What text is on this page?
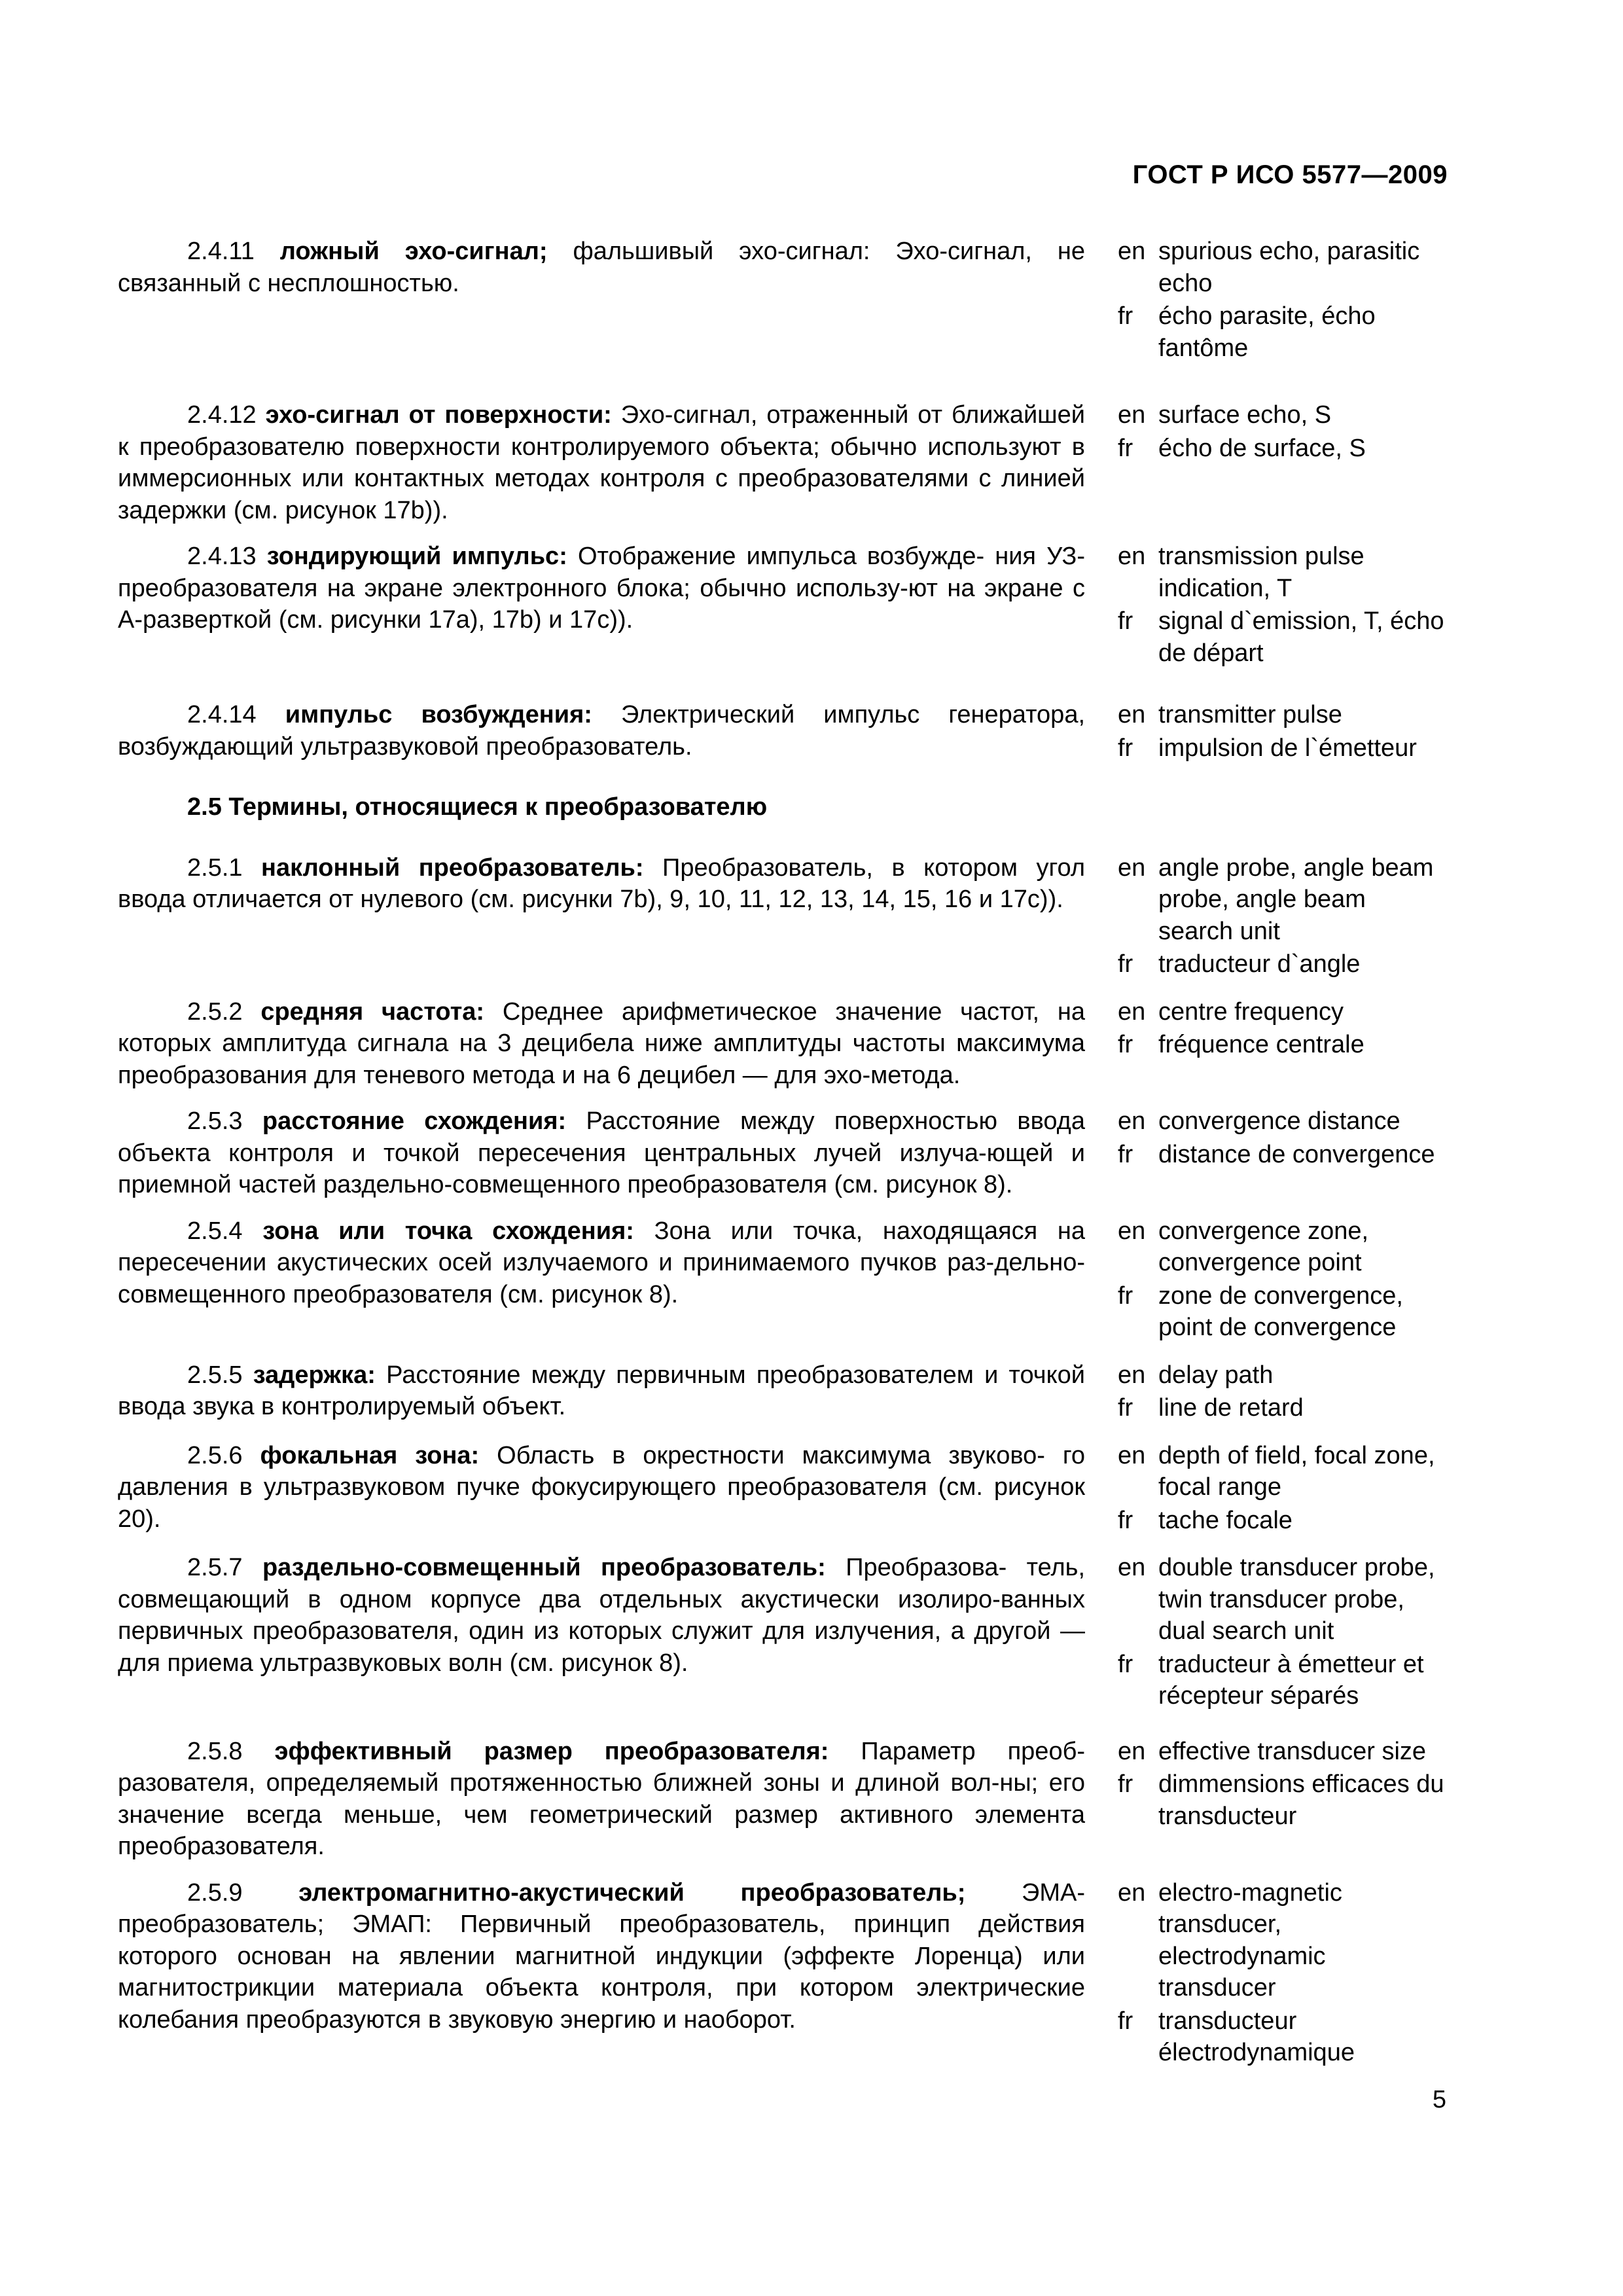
ГОСТ Р ИСО 5577—2009
2.4.11 ложный эхо-сигнал; фальшивый эхо-сигнал: Эхо-сигнал, не связанный с несплошностью.
en spurious echo, parasitic echo
fr	écho parasite, écho fantôme
2.4.12 эхо-сигнал от поверхности: Эхо-сигнал, отраженный от ближайшей к преобразователю поверхности контролируемого объекта; обычно используют в иммерсионных или контактных методах контроля с преобразователями с линией задержки (см. рисунок 17b)).
en surface echo, S
fr	écho de surface, S
2.4.13 зондирующий импульс: Отображение импульса возбужде- ния УЗ-преобразователя на экране электронного блока; обычно использу-ют на экране с А-разверткой (см. рисунки 17a), 17b) и 17c)).
en transmission pulse indication, T
fr	signal d`emission, T, écho de départ
2.4.14 импульс возбуждения: Электрический импульс генератора, возбуждающий ультразвуковой преобразователь.
en transmitter pulse
fr	impulsion de l`émetteur
2.5 Термины, относящиеся к преобразователю
2.5.1 наклонный преобразователь: Преобразователь, в котором угол ввода отличается от нулевого (см. рисунки 7b), 9, 10, 11, 12, 13, 14, 15, 16 и 17c)).
en angle probe, angle beam probe, angle beam search unit
fr	traducteur d`angle
2.5.2 средняя частота: Среднее арифметическое значение частот, на которых амплитуда сигнала на 3 децибела ниже амплитуды частоты максимума преобразования для теневого метода и на 6 децибел — для эхо-метода.
en centre frequency
fr	fréquence centrale
2.5.3 расстояние схождения: Расстояние между поверхностью ввода объекта контроля и точкой пересечения центральных лучей излуча-ющей и приемной частей раздельно-совмещенного преобразователя (см. рисунок 8).
en convergence distance
fr	distance de convergence
2.5.4 зона или точка схождения: Зона или точка, находящаяся на пересечении акустических осей излучаемого и принимаемого пучков раз-дельно-совмещенного преобразователя (см. рисунок 8).
en convergence zone, convergence point
fr	zone de convergence, point de convergence
2.5.5 задержка: Расстояние между первичным преобразователем и точкой ввода звука в контролируемый объект.
en delay path
fr	line de retard
2.5.6 фокальная зона: Область в окрестности максимума звуково- го давления в ультразвуковом пучке фокусирующего преобразователя (см. рисунок 20).
en depth of field, focal zone, focal range
fr	tache focale
2.5.7 раздельно-совмещенный преобразователь: Преобразова- тель, совмещающий в одном корпусе два отдельных акустически изолиро-ванных первичных преобразователя, один из которых служит для излучения, а другой — для приема ультразвуковых волн (см. рисунок 8).
en double transducer probe, twin transducer probe, dual search unit
fr	traducteur à émetteur et récepteur séparés
2.5.8 эффективный размер преобразователя: Параметр преоб- разователя, определяемый протяженностью ближней зоны и длиной вол-ны; его значение всегда меньше, чем геометрический размер активного элемента преобразователя.
en effective transducer size
fr	dimmensions efficaces du transducteur
2.5.9 электромагнитно-акустический преобразователь; ЭМА- преобразователь; ЭМАП: Первичный преобразователь, принцип действия которого основан на явлении магнитной индукции (эффекте Лоренца) или магнитострикции материала объекта контроля, при котором электрические колебания преобразуются в звуковую энергию и наоборот.
en electro-magnetic transducer, electrodynamic transducer
fr	transducteur électrodynamique
5
